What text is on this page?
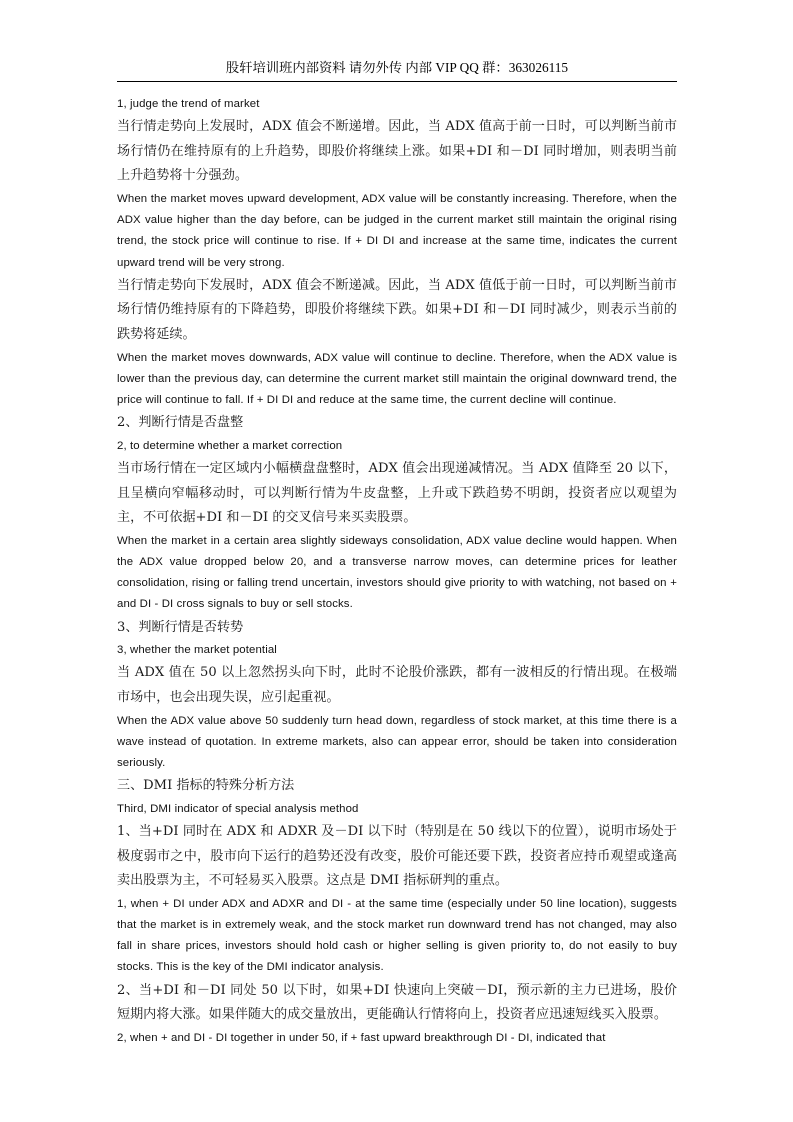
股轩培训班内部资料 请勿外传 内部 VIP QQ 群：363026115

1, judge the trend of market

当行情走势向上发展时，ADX 值会不断递增。因此，当 ADX 值高于前一日时，可以判断当前市场行情仍在维持原有的上升趋势，即股价将继续上涨。如果+DI 和－DI 同时增加，则表明当前上升趋势将十分强劲。

When the market moves upward development, ADX value will be constantly increasing. Therefore, when the ADX value higher than the day before, can be judged in the current market still maintain the original rising trend, the stock price will continue to rise. If + DI DI and increase at the same time, indicates the current upward trend will be very strong.

当行情走势向下发展时，ADX 值会不断递减。因此，当 ADX 值低于前一日时，可以判断当前市场行情仍维持原有的下降趋势，即股价将继续下跌。如果+DI 和－DI 同时减少，则表示当前的跌势将延续。

When the market moves downwards, ADX value will continue to decline. Therefore, when the ADX value is lower than the previous day, can determine the current market still maintain the original downward trend, the price will continue to fall. If + DI DI and reduce at the same time, the current decline will continue.

2、判断行情是否盘整

2, to determine whether a market correction

当市场行情在一定区域内小幅横盘盘整时，ADX 值会出现递减情况。当 ADX 值降至 20 以下，且呈横向窄幅移动时，可以判断行情为牛皮盘整，上升或下跌趋势不明朗，投资者应以观望为主，不可依据+DI 和－DI 的交叉信号来买卖股票。

When the market in a certain area slightly sideways consolidation, ADX value decline would happen. When the ADX value dropped below 20, and a transverse narrow moves, can determine prices for leather consolidation, rising or falling trend uncertain, investors should give priority to with watching, not based on + and DI - DI cross signals to buy or sell stocks.

3、判断行情是否转势

3, whether the market potential

当 ADX 值在 50 以上忽然拐头向下时，此时不论股价涨跌，都有一波相反的行情出现。在极端市场中，也会出现失误，应引起重视。

When the ADX value above 50 suddenly turn head down, regardless of stock market, at this time there is a wave instead of quotation. In extreme markets, also can appear error, should be taken into consideration seriously.

三、DMI 指标的特殊分析方法

Third, DMI indicator of special analysis method

1、当+DI 同时在 ADX 和 ADXR 及－DI 以下时（特别是在 50 线以下的位置），说明市场处于极度弱市之中，股市向下运行的趋势还没有改变，股价可能还要下跌，投资者应持币观望或逢高卖出股票为主，不可轻易买入股票。这点是 DMI 指标研判的重点。

1, when + DI under ADX and ADXR and DI - at the same time (especially under 50 line location), suggests that the market is in extremely weak, and the stock market run downward trend has not changed, may also fall in share prices, investors should hold cash or higher selling is given priority to, do not easily to buy stocks. This is the key of the DMI indicator analysis.

2、当+DI 和－DI 同处 50 以下时，如果+DI 快速向上突破－DI，预示新的主力已进场，股价短期内将大涨。如果伴随大的成交量放出，更能确认行情将向上，投资者应迅速短线买入股票。

2, when + and DI - DI together in under 50, if + fast upward breakthrough DI - DI, indicated that
